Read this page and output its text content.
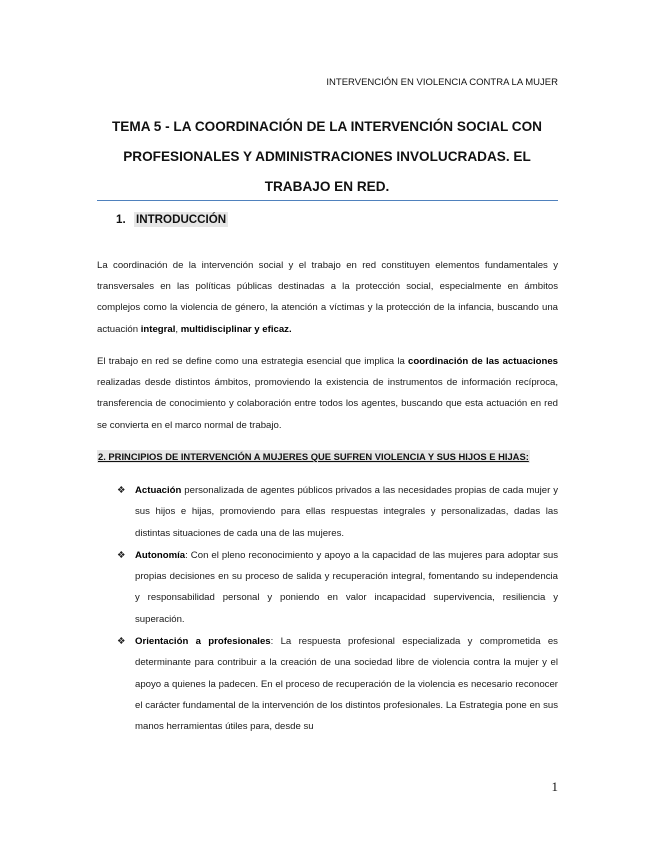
INTERVENCIÓN EN VIOLENCIA CONTRA LA MUJER
TEMA 5 - LA COORDINACIÓN DE LA INTERVENCIÓN SOCIAL CON PROFESIONALES Y ADMINISTRACIONES INVOLUCRADAS. EL TRABAJO EN RED.
1. INTRODUCCIÓN
La coordinación de la intervención social y el trabajo en red constituyen elementos fundamentales y transversales en las políticas públicas destinadas a la protección social, especialmente en ámbitos complejos como la violencia de género, la atención a víctimas y la protección de la infancia, buscando una actuación integral, multidisciplinar y eficaz.
El trabajo en red se define como una estrategia esencial que implica la coordinación de las actuaciones realizadas desde distintos ámbitos, promoviendo la existencia de instrumentos de información recíproca, transferencia de conocimiento y colaboración entre todos los agentes, buscando que esta actuación en red se convierta en el marco normal de trabajo.
2. PRINCIPIOS DE INTERVENCIÓN A MUJERES QUE SUFREN VIOLENCIA Y SUS HIJOS E HIJAS:
❖ Actuación personalizada de agentes públicos privados a las necesidades propias de cada mujer y sus hijos e hijas, promoviendo para ellas respuestas integrales y personalizadas, dadas las distintas situaciones de cada una de las mujeres.
❖ Autonomía: Con el pleno reconocimiento y apoyo a la capacidad de las mujeres para adoptar sus propias decisiones en su proceso de salida y recuperación integral, fomentando su independencia y responsabilidad personal y poniendo en valor incapacidad supervivencia, resiliencia y superación.
❖ Orientación a profesionales: La respuesta profesional especializada y comprometida es determinante para contribuir a la creación de una sociedad libre de violencia contra la mujer y el apoyo a quienes la padecen. En el proceso de recuperación de la violencia es necesario reconocer el carácter fundamental de la intervención de los distintos profesionales. La Estrategia pone en sus manos herramientas útiles para, desde su
1
